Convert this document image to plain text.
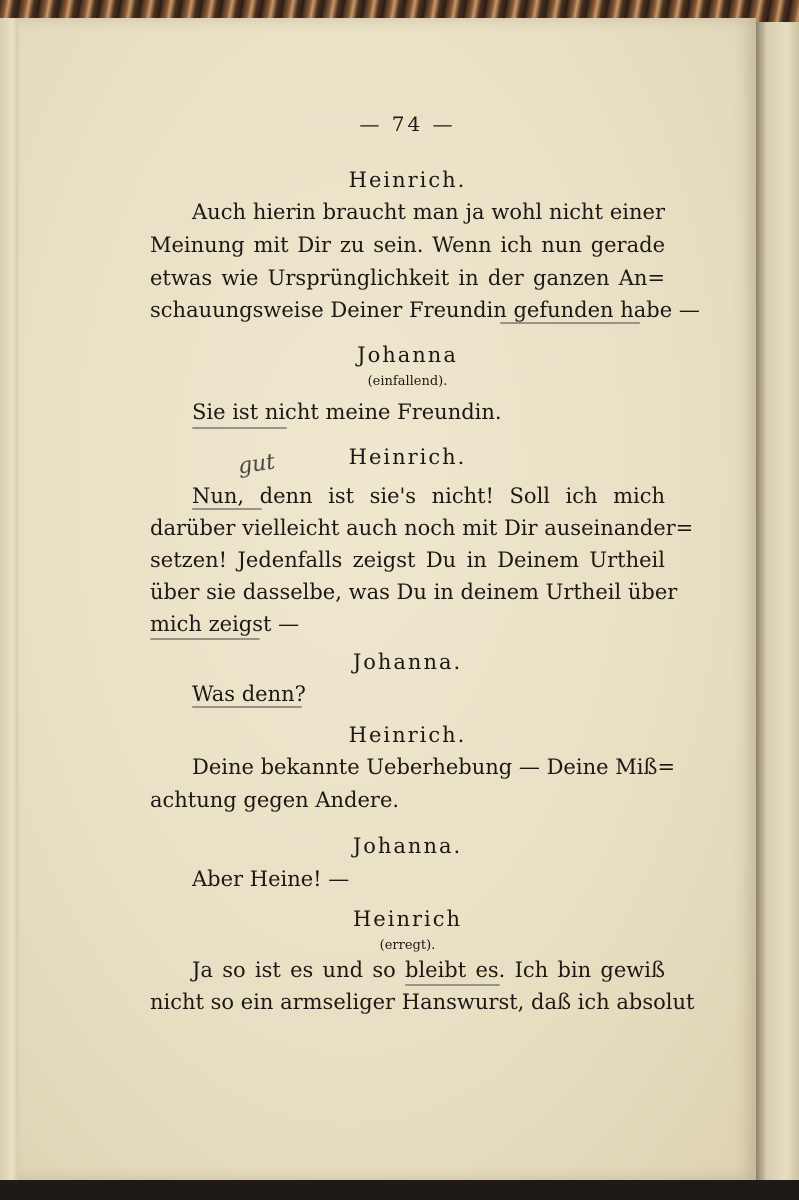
— 74 —
Heinrich.
Auch hierin braucht man ja wohl nicht einer
Meinung mit Dir zu sein. Wenn ich nun gerade
etwas wie Ursprünglichkeit in der ganzen An=
schauungsweise Deiner Freundin gefunden habe —
Johanna
(einfallend).
Sie ist nicht meine Freundin.
Heinrich.
Nun, denn ist sie's nicht! Soll ich mich
darüber vielleicht auch noch mit Dir auseinander=
setzen! Jedenfalls zeigst Du in Deinem Urtheil
über sie dasselbe, was Du in deinem Urtheil über
mich zeigst —
Johanna.
Was denn?
Heinrich.
Deine bekannte Ueberhebung — Deine Miß=
achtung gegen Andere.
Johanna.
Aber Heine! —
Heinrich
(erregt).
Ja so ist es und so bleibt es. Ich bin gewiß
nicht so ein armseliger Hanswurst, daß ich absolut
gut
